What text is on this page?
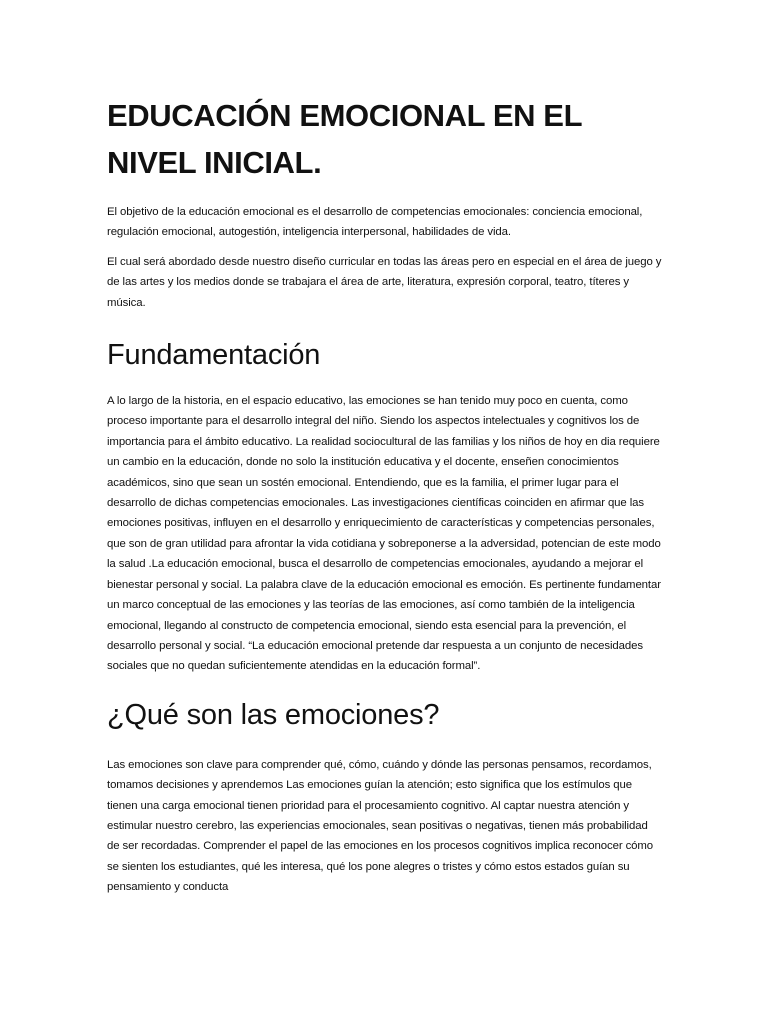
EDUCACIÓN EMOCIONAL EN EL NIVEL INICIAL.

El objetivo de la educación emocional es el desarrollo de competencias emocionales: conciencia emocional, regulación emocional, autogestión, inteligencia interpersonal, habilidades de vida.

El cual será abordado desde nuestro diseño curricular en todas las áreas pero en especial en el área de juego y de las artes y los medios donde se trabajara el área de arte, literatura, expresión corporal, teatro, títeres y música.

Fundamentación

A lo largo de la historia, en el espacio educativo, las emociones se han tenido muy poco en cuenta, como proceso importante para el desarrollo integral del niño. Siendo los aspectos intelectuales y cognitivos los de importancia para el ámbito educativo. La realidad sociocultural de las familias y los niños de hoy en dia requiere un cambio en la educación, donde no solo la institución educativa y el docente, enseñen conocimientos académicos, sino que sean un sostén emocional. Entendiendo, que es la familia, el primer lugar para el desarrollo de dichas competencias emocionales. Las investigaciones científicas coinciden en afirmar que las emociones positivas, influyen en el desarrollo y enriquecimiento de características y competencias personales, que son de gran utilidad para afrontar la vida cotidiana y sobreponerse a la adversidad, potencian de este modo la salud .La educación emocional, busca el desarrollo de competencias emocionales, ayudando a mejorar el bienestar personal y social. La palabra clave de la educación emocional es emoción. Es pertinente fundamentar un marco conceptual de las emociones y las teorías de las emociones, así como también de la inteligencia emocional, llegando al constructo de competencia emocional, siendo esta esencial para la prevención, el desarrollo personal y social. “La educación emocional pretende dar respuesta a un conjunto de necesidades sociales que no quedan suficientemente atendidas en la educación formal”.

¿Qué son las emociones?

Las emociones son clave para comprender qué, cómo, cuándo y dónde las personas pensamos, recordamos, tomamos decisiones y aprendemos Las emociones guían la atención; esto significa que los estímulos que tienen una carga emocional tienen prioridad para el procesamiento cognitivo. Al captar nuestra atención y estimular nuestro cerebro, las experiencias emocionales, sean positivas o negativas, tienen más probabilidad de ser recordadas. Comprender el papel de las emociones en los procesos cognitivos implica reconocer cómo se sienten los estudiantes, qué les interesa, qué los pone alegres o tristes y cómo estos estados guían su pensamiento y conducta
